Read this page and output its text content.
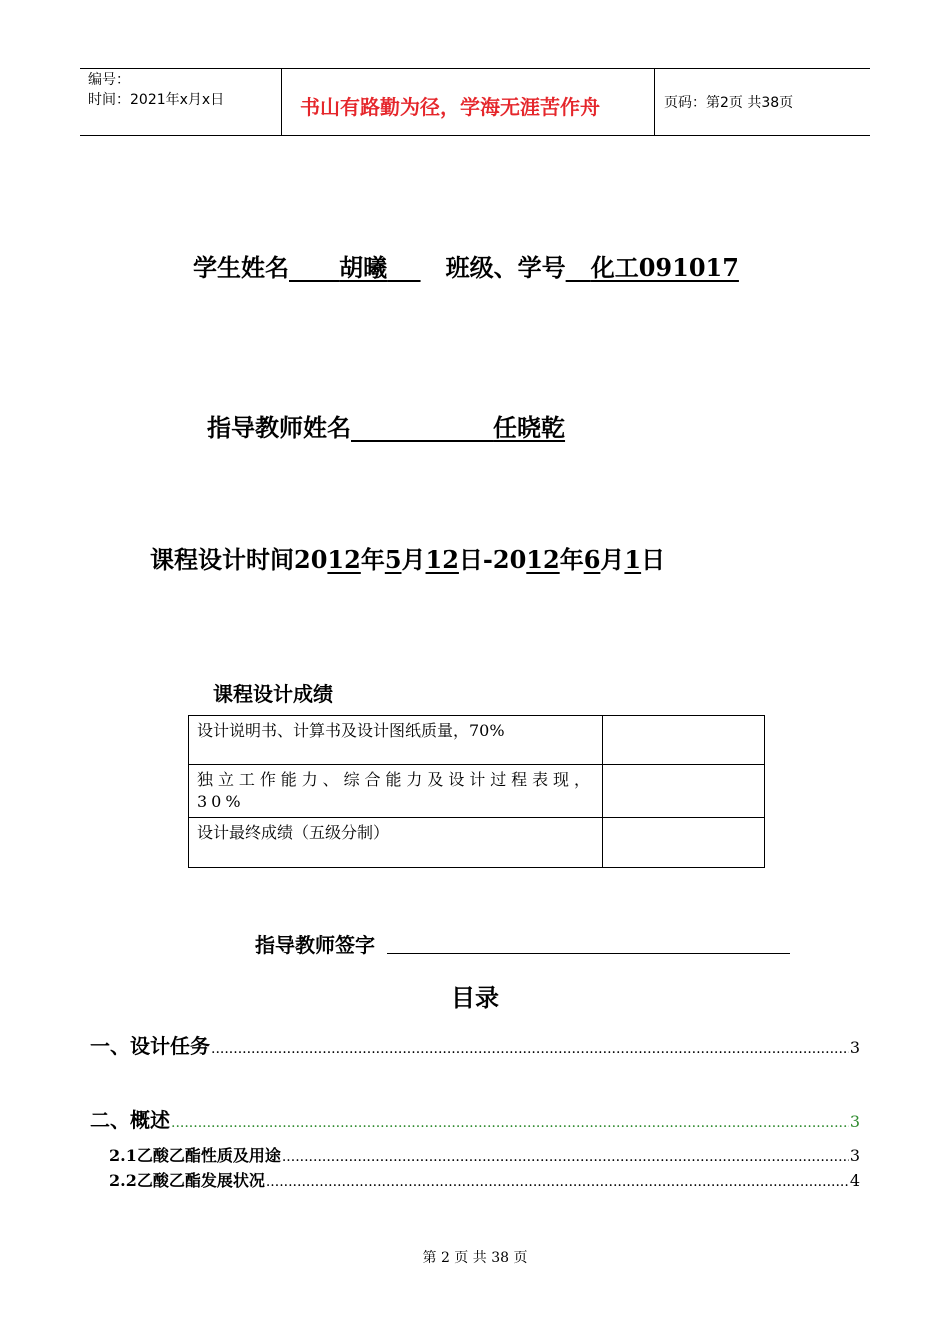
编号：
时间：2021年x月x日	书山有路勤为径，学海无涯苦作舟	页码：第2页 共38页
学生姓名 胡曦 班级、学号 化工091017
指导教师姓名	任晓乾
课程设计时间2012年5月12日-2012年6月1日
课程设计成绩
设计说明书、计算书及设计图纸质量，70%	
独立工作能力、综合能力及设计过程表现，30%	
设计最终成绩（五级分制）	
指导教师签字
目录
一、设计任务 .....	3
二、概述 .....	3
2.1乙酸乙酯性质及用途 .....	3
2.2乙酸乙酯发展状况 .....	4
第 2 页 共 38 页
